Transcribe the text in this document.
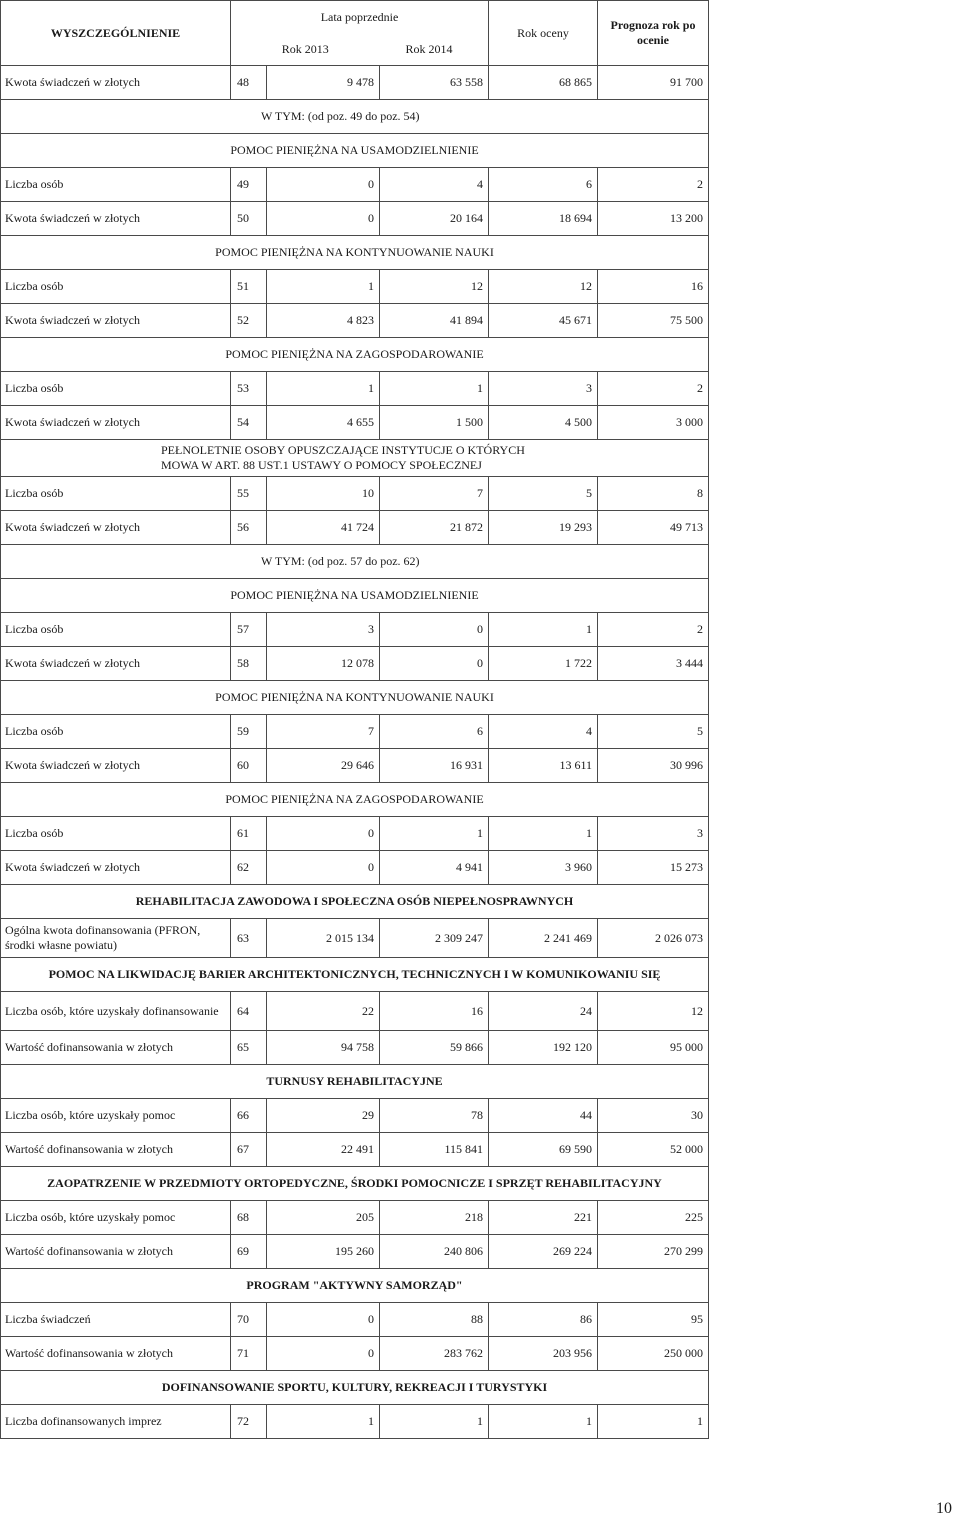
WYSZCZEGÓLNIENIE	Lata poprzednie			Rok oceny	Prognoza rok po ocenie
	Rok 2013		Rok 2014		
Kwota świadczeń w złotych	48	9 478	63 558	68 865	91 700
W TYM: (od poz. 49 do poz. 54)					
POMOC PIENIĘŻNA NA USAMODZIELNIENIE					
Liczba osób	49	0	4	6	2
Kwota świadczeń w złotych	50	0	20 164	18 694	13 200
POMOC PIENIĘŻNA NA KONTYNUOWANIE NAUKI					
Liczba osób	51	1	12	12	16
Kwota świadczeń w złotych	52	4 823	41 894	45 671	75 500
POMOC PIENIĘŻNA NA ZAGOSPODAROWANIE					
Liczba osób	53	1	1	3	2
Kwota świadczeń w złotych	54	4 655	1 500	4 500	3 000
PEŁNOLETNIE OSOBY OPUSZCZAJĄCE INSTYTUCJE O KTÓRYCH MOWA W ART. 88 UST.1 USTAWY O POMOCY SPOŁECZNEJ					
Liczba osób	55	10	7	5	8
Kwota świadczeń w złotych	56	41 724	21 872	19 293	49 713
W TYM: (od poz. 57 do poz. 62)					
POMOC PIENIĘŻNA NA USAMODZIELNIENIE					
Liczba osób	57	3	0	1	2
Kwota świadczeń w złotych	58	12 078	0	1 722	3 444
POMOC PIENIĘŻNA NA KONTYNUOWANIE NAUKI					
Liczba osób	59	7	6	4	5
Kwota świadczeń w złotych	60	29 646	16 931	13 611	30 996
POMOC PIENIĘŻNA NA ZAGOSPODAROWANIE					
Liczba osób	61	0	1	1	3
Kwota świadczeń w złotych	62	0	4 941	3 960	15 273
REHABILITACJA ZAWODOWA I SPOŁECZNA OSÓB NIEPEŁNOSPRAWNYCH					
Ogólna kwota dofinansowania (PFRON, środki własne powiatu)	63	2 015 134	2 309 247	2 241 469	2 026 073
POMOC NA LIKWIDACJĘ BARIER ARCHITEKTONICZNYCH, TECHNICZNYCH I W KOMUNIKOWANIU SIĘ					
Liczba osób, które uzyskały dofinansowanie	64	22	16	24	12
Wartość dofinansowania w złotych	65	94 758	59 866	192 120	95 000
TURNUSY REHABILITACYJNE					
Liczba osób, które uzyskały pomoc	66	29	78	44	30
Wartość dofinansowania w złotych	67	22 491	115 841	69 590	52 000
ZAOPATRZENIE W PRZEDMIOTY ORTOPEDYCZNE, ŚRODKI POMOCNICZE I SPRZĘT REHABILITACYJNY					
Liczba osób, które uzyskały pomoc	68	205	218	221	225
Wartość dofinansowania w złotych	69	195 260	240 806	269 224	270 299
PROGRAM "AKTYWNY SAMORZĄD"					
Liczba świadczeń	70	0	88	86	95
Wartość dofinansowania w złotych	71	0	283 762	203 956	250 000
DOFINANSOWANIE SPORTU, KULTURY, REKREACJI I TURYSTYKI					
Liczba dofinansowanych imprez	72	1	1	1	1
10
